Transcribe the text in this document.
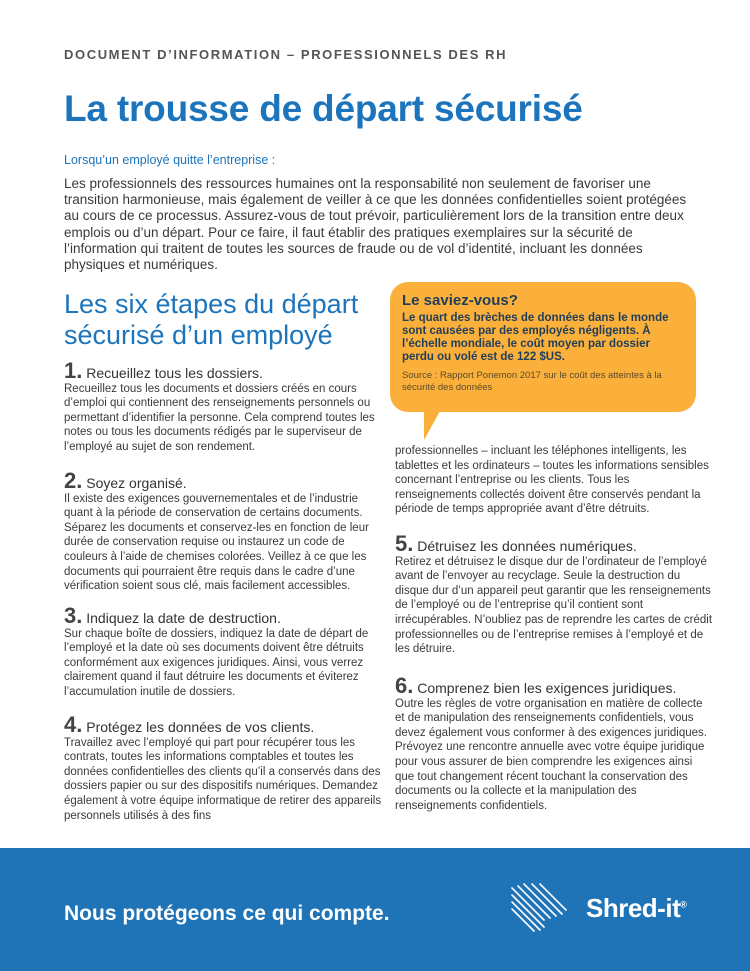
DOCUMENT D’INFORMATION – PROFESSIONNELS DES RH
La trousse de départ sécurisé
Lorsqu’un employé quitte l’entreprise :
Les professionnels des ressources humaines ont la responsabilité non seulement de favoriser une transition harmonieuse, mais également de veiller à ce que les données confidentielles soient protégées au cours de ce processus. Assurez-vous de tout prévoir, particulièrement lors de la transition entre deux emplois ou d’un départ. Pour ce faire, il faut établir des pratiques exemplaires sur la sécurité de l’information qui traitent de toutes les sources de fraude ou de vol d’identité, incluant les données physiques et numériques.
Les six étapes du départ sécurisé d’un employé
1. Recueillez tous les dossiers.
Recueillez tous les documents et dossiers créés en cours d’emploi qui contiennent des renseignements personnels ou permettant d’identifier la personne. Cela comprend toutes les notes ou tous les documents rédigés par le superviseur de l’employé au sujet de son rendement.
2. Soyez organisé.
Il existe des exigences gouvernementales et de l’industrie quant à la période de conservation de certains documents. Séparez les documents et conservez-les en fonction de leur durée de conservation requise ou instaurez un code de couleurs à l’aide de chemises colorées. Veillez à ce que les documents qui pourraient être requis dans le cadre d’une vérification soient sous clé, mais facilement accessibles.
3. Indiquez la date de destruction.
Sur chaque boîte de dossiers, indiquez la date de départ de l’employé et la date où ses documents doivent être détruits conformément aux exigences juridiques. Ainsi, vous verrez clairement quand il faut détruire les documents et éviterez l’accumulation inutile de dossiers.
4. Protégez les données de vos clients.
Travaillez avec l’employé qui part pour récupérer tous les contrats, toutes les informations comptables et toutes les données confidentielles des clients qu’il a conservés dans des dossiers papier ou sur des dispositifs numériques. Demandez également à votre équipe informatique de retirer des appareils personnels utilisés à des fins
Le saviez-vous?
Le quart des brèches de données dans le monde sont causées par des employés négligents. À l’échelle mondiale, le coût moyen par dossier perdu ou volé est de 122 $US.
Source : Rapport Ponemon 2017 sur le coût des atteintes à la sécurité des données
professionnelles – incluant les téléphones intelligents, les tablettes et les ordinateurs – toutes les informations sensibles concernant l’entreprise ou les clients. Tous les renseignements collectés doivent être conservés pendant la période de temps appropriée avant d’être détruits.
5. Détruisez les données numériques.
Retirez et détruisez le disque dur de l’ordinateur de l’employé avant de l’envoyer au recyclage. Seule la destruction du disque dur d’un appareil peut garantir que les renseignements de l’employé ou de l’entreprise qu’il contient sont irrécupérables. N’oubliez pas de reprendre les cartes de crédit professionnelles ou de l’entreprise remises à l’employé et de les détruire.
6. Comprenez bien les exigences juridiques.
Outre les règles de votre organisation en matière de collecte et de manipulation des renseignements confidentiels, vous devez également vous conformer à des exigences juridiques. Prévoyez une rencontre annuelle avec votre équipe juridique pour vous assurer de bien comprendre les exigences ainsi que tout changement récent touchant la conservation des documents ou la collecte et la manipulation des renseignements confidentiels.
Nous protégeons ce qui compte.	Shred-it®
